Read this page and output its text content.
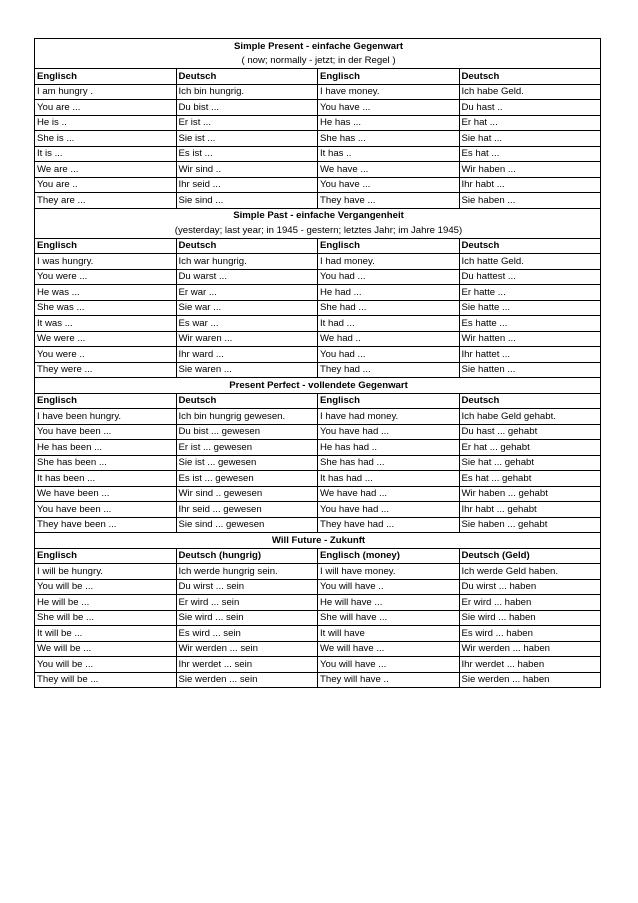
Simple Present - einfache Gegenwart			
( now; normally - jetzt; in der Regel )			
Englisch	Deutsch	Englisch	Deutsch
I am hungry .	Ich bin hungrig.	I have money.	Ich habe Geld.
You are ...	Du bist ...	You have ...	Du hast ..
He is ..	Er ist ...	He has ...	Er hat ...
She is ...	Sie ist ...	She has ...	Sie hat ...
It is ...	Es ist ...	It has ..	Es hat ...
We are ...	Wir sind ..	We have ...	Wir haben ...
You are ..	Ihr seid ...	You have ...	Ihr habt ...
They are ...	Sie sind ...	They have ...	Sie haben ...
Simple Past - einfache Vergangenheit			
(yesterday; last year; in 1945 - gestern; letztes Jahr; im Jahre 1945)			
Englisch	Deutsch	Englisch	Deutsch
I was hungry.	Ich war hungrig.	I had money.	Ich hatte Geld.
You were ...	Du warst ...	You had ...	Du hattest ...
He was ...	Er war ...	He had ...	Er hatte ...
She was ...	Sie war ...	She had ...	Sie hatte ...
It was ...	Es war ...	It had ...	Es hatte ...
We were ...	Wir waren ...	We had ..	Wir hatten ...
You were ..	Ihr ward ...	You had ...	Ihr hattet ...
They were ...	Sie waren ...	They had ...	Sie hatten ...
Present Perfect - vollendete Gegenwart			
Englisch	Deutsch	Englisch	Deutsch
I have been hungry.	Ich bin hungrig gewesen.	I have had money.	Ich habe Geld gehabt.
You have been ...	Du bist ... gewesen	You have had ...	Du hast ... gehabt
He has been ...	Er ist ... gewesen	He has had ..	Er hat ... gehabt
She has been ...	Sie ist ... gewesen	She has had ...	Sie hat ... gehabt
It has been ...	Es ist ... gewesen	It has had ...	Es hat ... gehabt
We have been ...	Wir sind .. gewesen	We have had ...	Wir haben ... gehabt
You have been ...	Ihr seid ... gewesen	You have had ...	Ihr habt ... gehabt
They have been ...	Sie sind ... gewesen	They have had ...	Sie haben ... gehabt
Will Future - Zukunft			
Englisch	Deutsch (hungrig)	Englisch (money)	Deutsch (Geld)
I will be hungry.	Ich werde hungrig sein.	I will have money.	Ich werde Geld haben.
You will be ...	Du wirst ... sein	You will have ..	Du wirst ... haben
He will be ...	Er wird ... sein	He will have ...	Er wird ... haben
She will be ...	Sie wird ... sein	She will have ...	Sie wird ... haben
It will be ...	Es wird ... sein	It will have	Es wird ... haben
We will be ...	Wir werden ... sein	We will have ...	Wir werden ... haben
You will be ...	Ihr werdet ... sein	You will have ...	Ihr werdet ... haben
They will be ...	Sie werden ... sein	They will have ..	Sie werden ... haben
